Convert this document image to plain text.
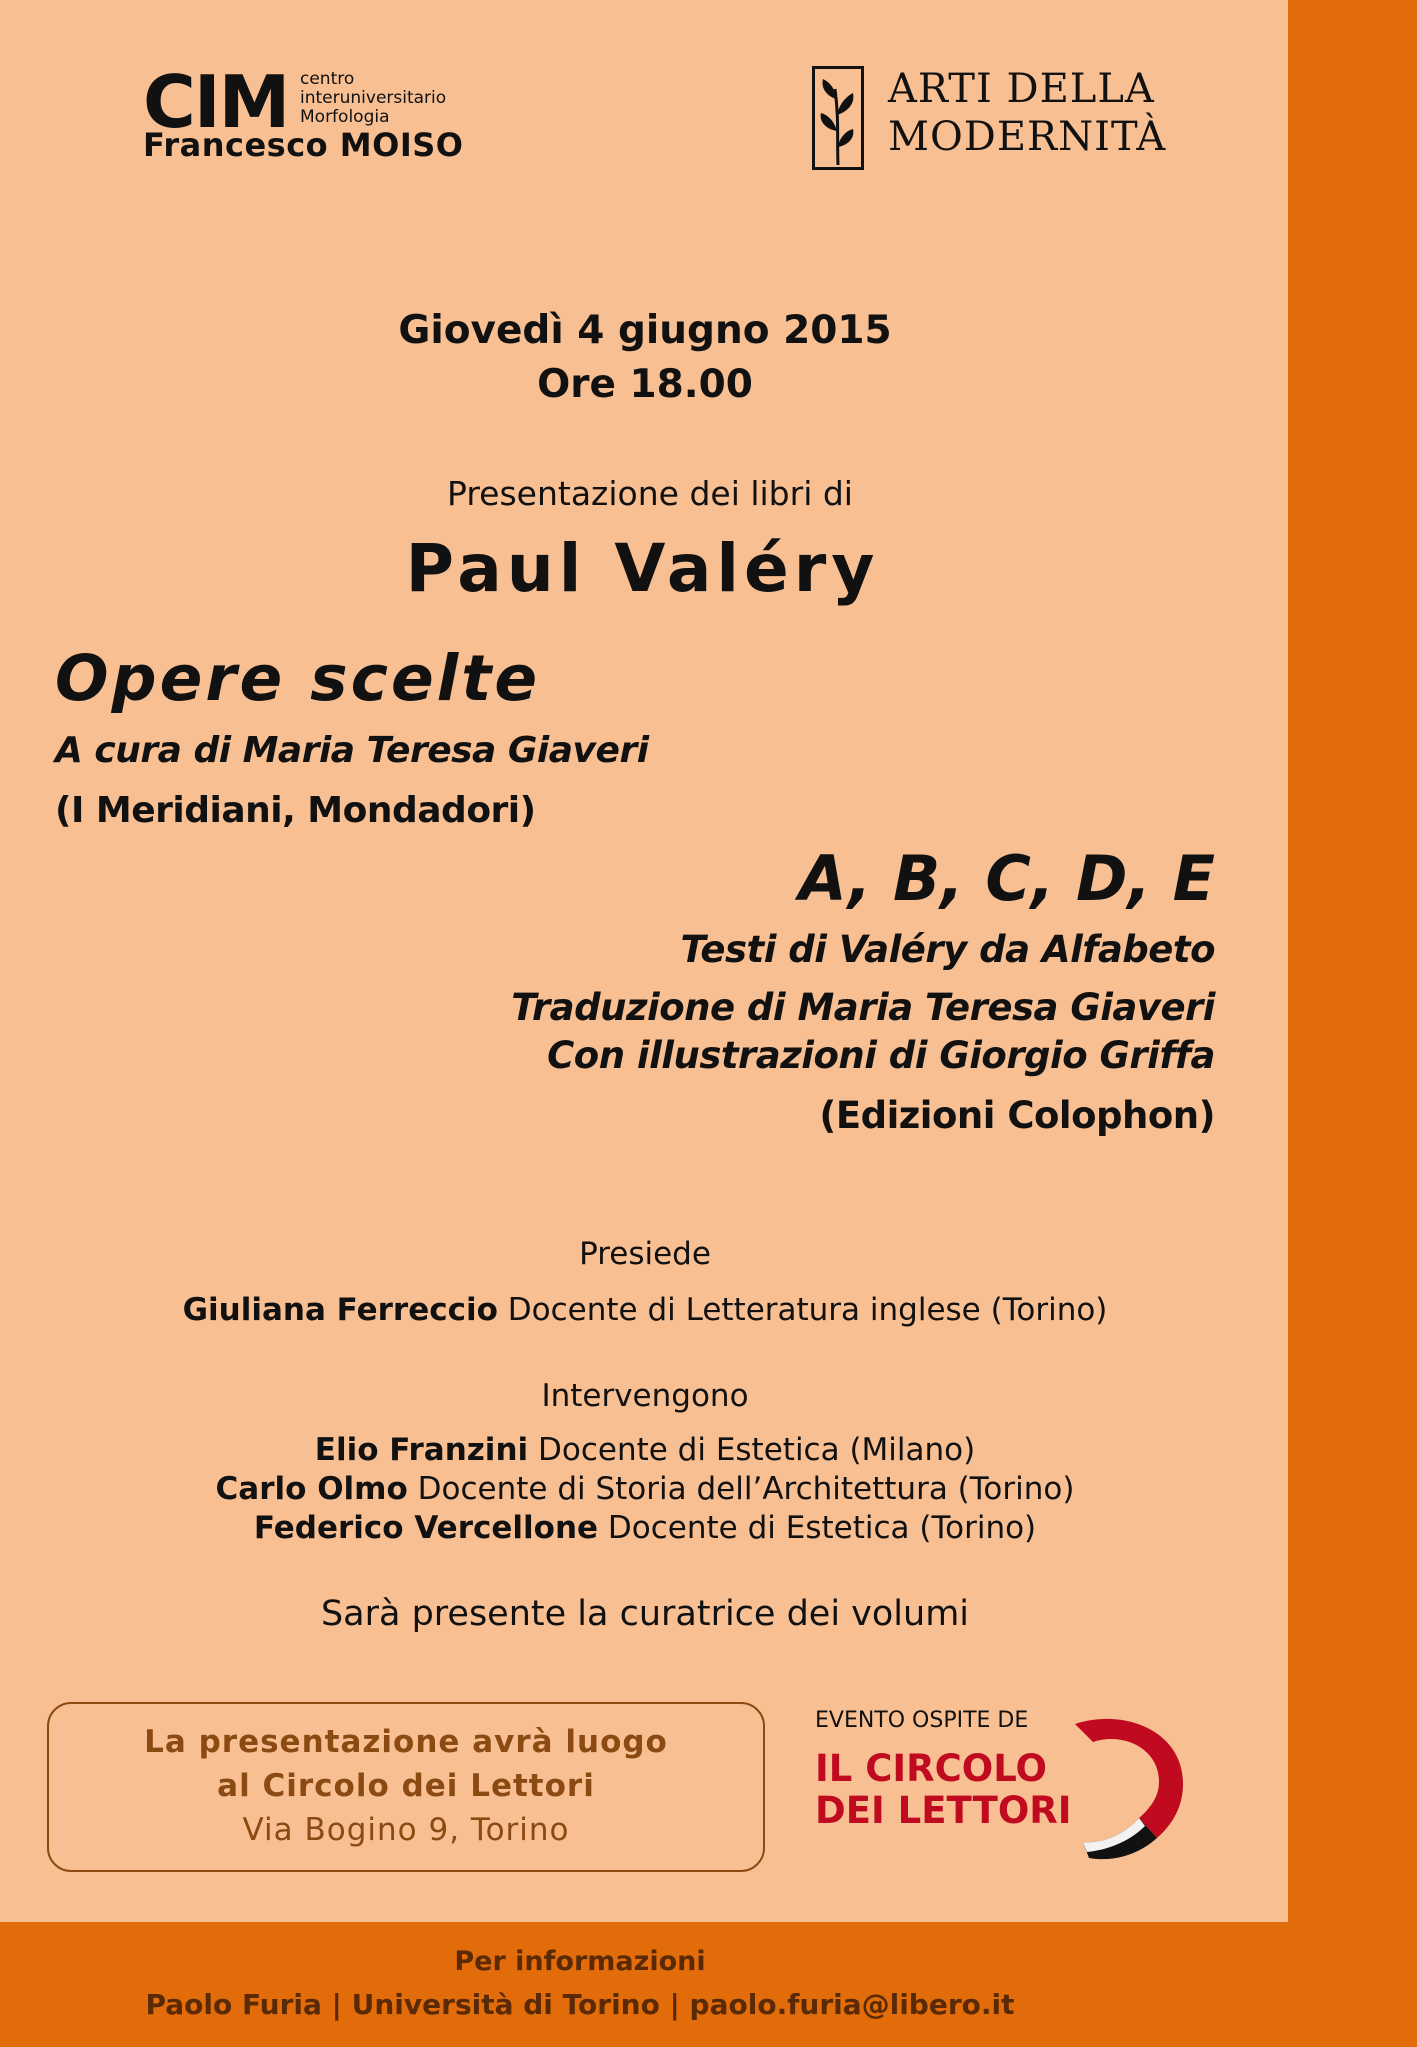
CIM centro
interuniversitario
Morfologia
Francesco MOISO
ARTI DELLA
MODERNITÀ
Giovedì 4 giugno 2015
Ore 18.00
Presentazione dei libri di
Paul Valéry
Opere scelte
A cura di Maria Teresa Giaveri
(I Meridiani, Mondadori)
A, B, C, D, E
Testi di Valéry da Alfabeto
Traduzione di Maria Teresa Giaveri
Con illustrazioni di Giorgio Griffa
(Edizioni Colophon)
Presiede
Giuliana Ferreccio Docente di Letteratura inglese (Torino)
Intervengono
Elio Franzini Docente di Estetica (Milano)
Carlo Olmo Docente di Storia dell’Architettura (Torino)
Federico Vercellone Docente di Estetica (Torino)
Sarà presente la curatrice dei volumi
La presentazione avrà luogo
al Circolo dei Lettori
Via Bogino 9, Torino
EVENTO OSPITE DE
IL CIRCOLO
DEI LETTORI
Per informazioni
Paolo Furia | Università di Torino | paolo.furia@libero.it
